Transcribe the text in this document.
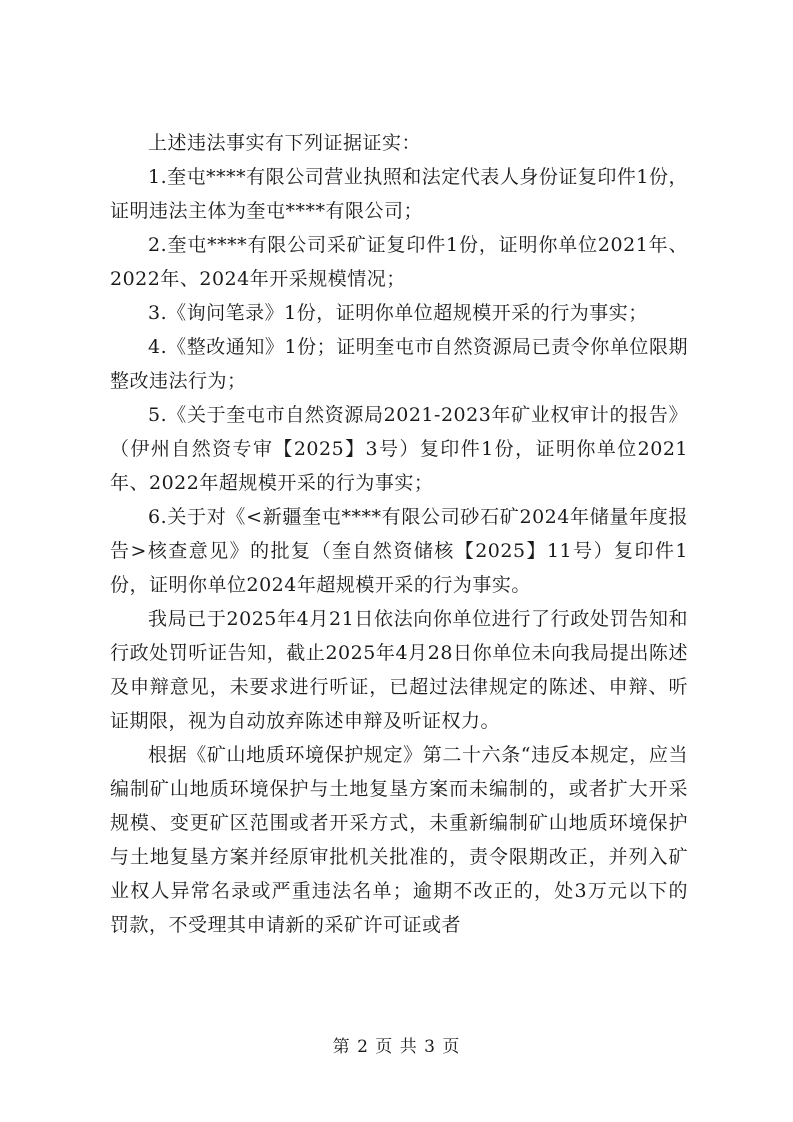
上述违法事实有下列证据证实：

1.奎屯****有限公司营业执照和法定代表人身份证复印件1份，证明违法主体为奎屯****有限公司；

2.奎屯****有限公司采矿证复印件1份，证明你单位2021年、2022年、2024年开采规模情况；

3.《询问笔录》1份，证明你单位超规模开采的行为事实；

4.《整改通知》1份；证明奎屯市自然资源局已责令你单位限期整改违法行为；

5.《关于奎屯市自然资源局2021-2023年矿业权审计的报告》（伊州自然资专审【2025】3号）复印件1份，证明你单位2021年、2022年超规模开采的行为事实；

6.关于对《<新疆奎屯****有限公司砂石矿2024年储量年度报告>核查意见》的批复（奎自然资储核【2025】11号）复印件1份，证明你单位2024年超规模开采的行为事实。

我局已于2025年4月21日依法向你单位进行了行政处罚告知和行政处罚听证告知，截止2025年4月28日你单位未向我局提出陈述及申辩意见，未要求进行听证，已超过法律规定的陈述、申辩、听证期限，视为自动放弃陈述申辩及听证权力。

根据《矿山地质环境保护规定》第二十六条“违反本规定，应当编制矿山地质环境保护与土地复垦方案而未编制的，或者扩大开采规模、变更矿区范围或者开采方式，未重新编制矿山地质环境保护与土地复垦方案并经原审批机关批准的，责令限期改正，并列入矿业权人异常名录或严重违法名单；逾期不改正的，处3万元以下的罚款，不受理其申请新的采矿许可证或者

第 2 页 共 3 页
